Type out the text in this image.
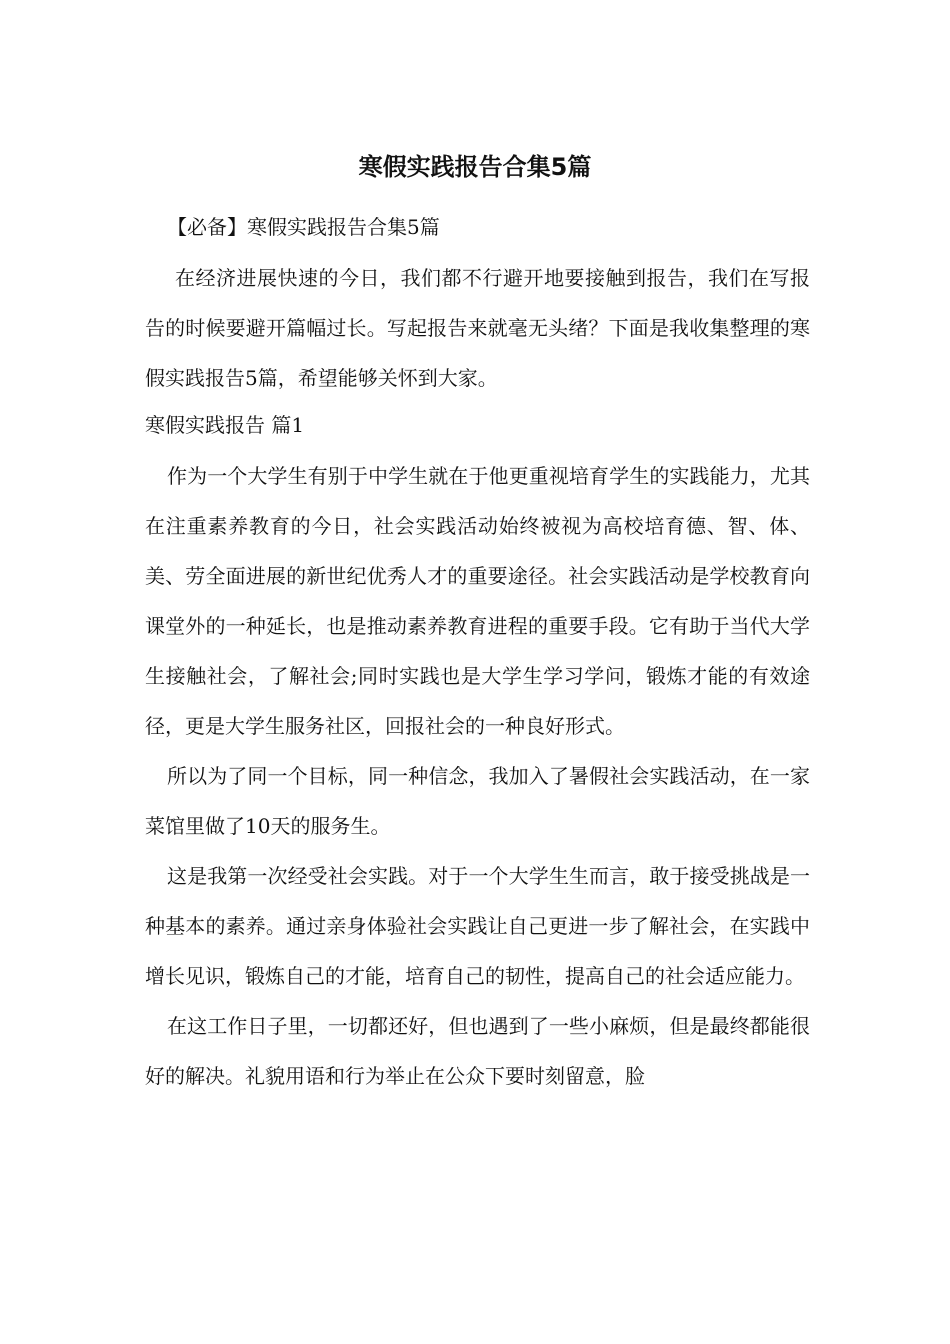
寒假实践报告合集5篇

【必备】寒假实践报告合集5篇

在经济进展快速的今日，我们都不行避开地要接触到报告，我们在写报告的时候要避开篇幅过长。写起报告来就毫无头绪？下面是我收集整理的寒假实践报告5篇，希望能够关怀到大家。

寒假实践报告 篇1

作为一个大学生有别于中学生就在于他更重视培育学生的实践能力，尤其在注重素养教育的今日，社会实践活动始终被视为高校培育德、智、体、美、劳全面进展的新世纪优秀人才的重要途径。社会实践活动是学校教育向课堂外的一种延长，也是推动素养教育进程的重要手段。它有助于当代大学生接触社会，了解社会;同时实践也是大学生学习学问，锻炼才能的有效途径，更是大学生服务社区，回报社会的一种良好形式。

所以为了同一个目标，同一种信念，我加入了暑假社会实践活动，在一家菜馆里做了10天的服务生。

这是我第一次经受社会实践。对于一个大学生生而言，敢于接受挑战是一种基本的素养。通过亲身体验社会实践让自己更进一步了解社会，在实践中增长见识，锻炼自己的才能，培育自己的韧性，提高自己的社会适应能力。

在这工作日子里，一切都还好，但也遇到了一些小麻烦，但是最终都能很好的解决。礼貌用语和行为举止在公众下要时刻留意，脸
